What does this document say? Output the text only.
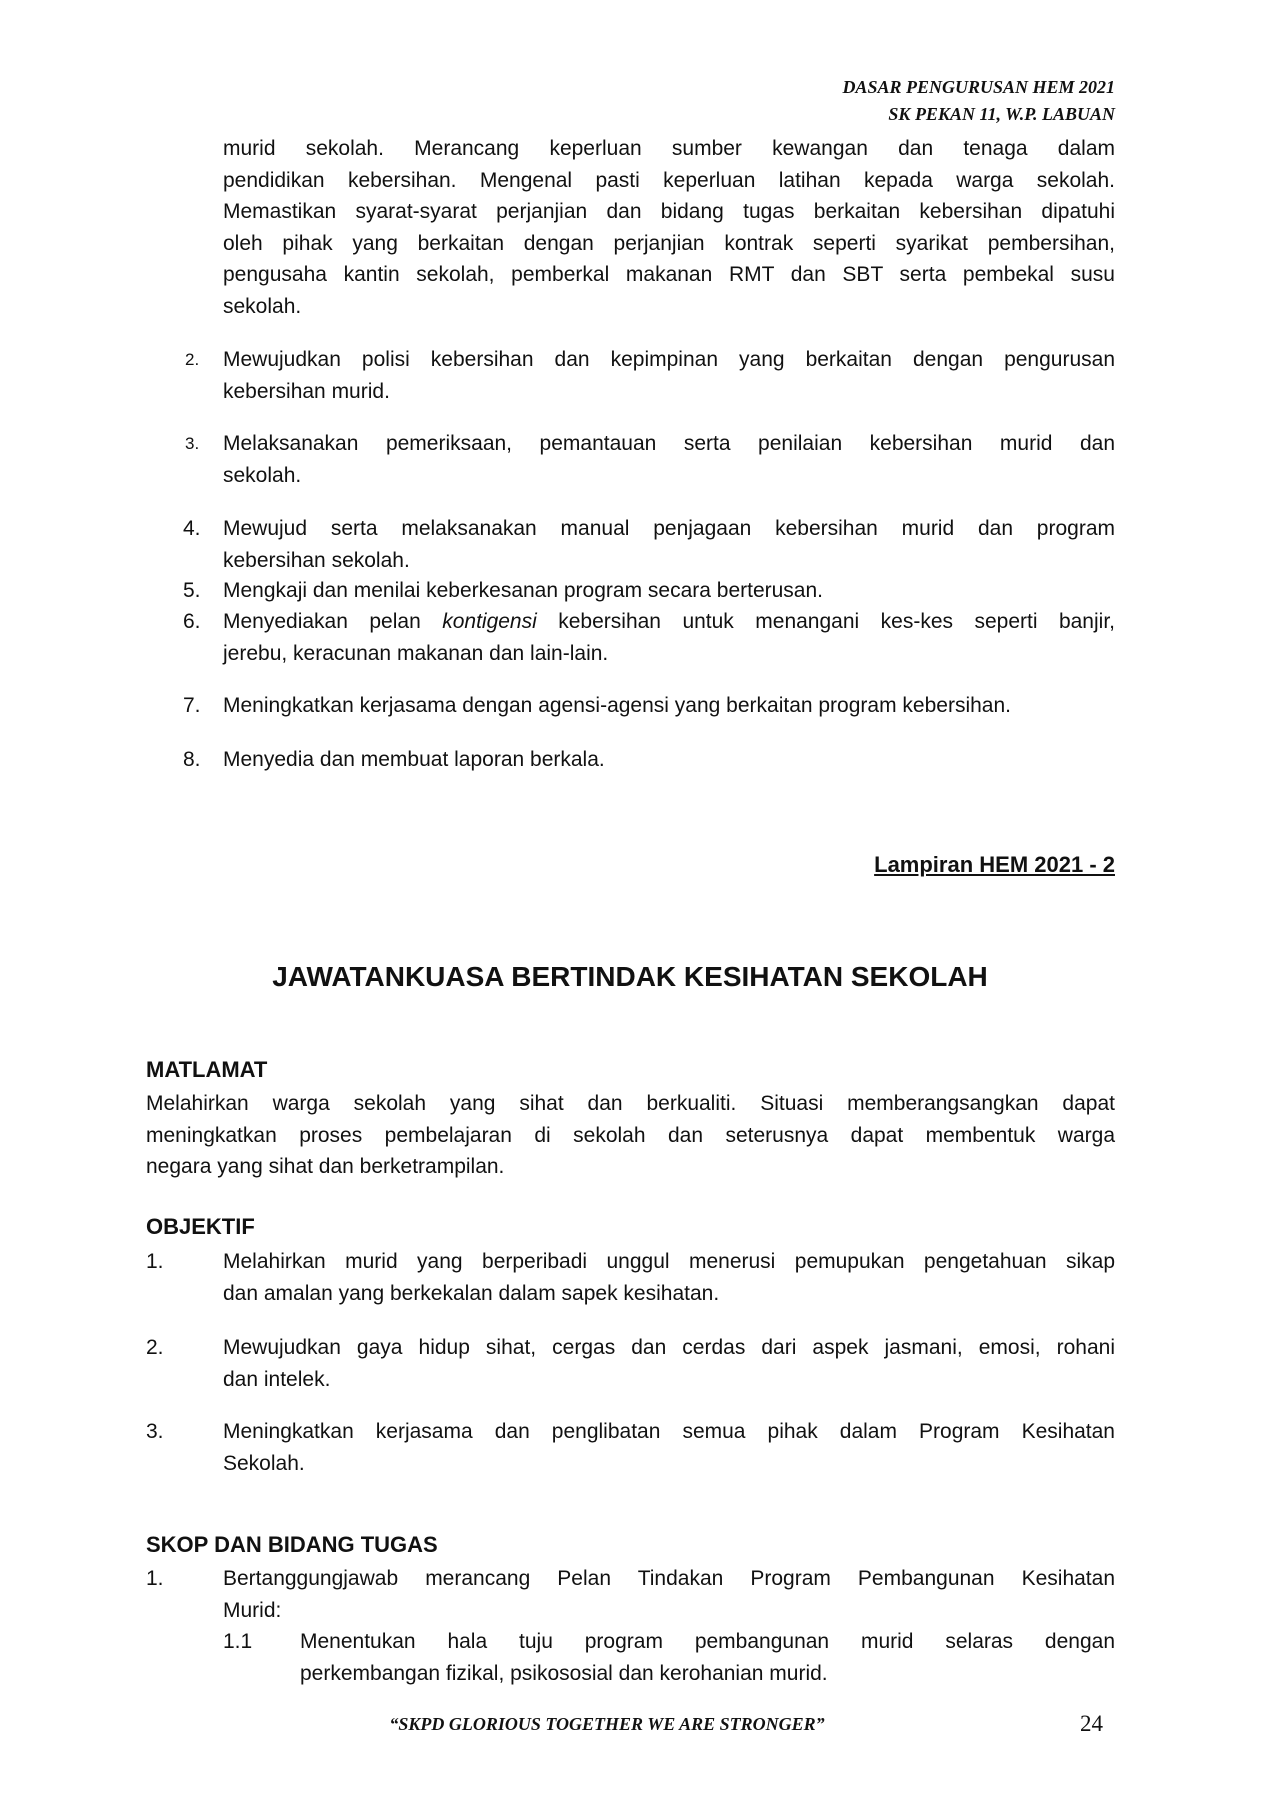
DASAR PENGURUSAN HEM 2021
SK PEKAN 11, W.P. LABUAN
murid sekolah. Merancang keperluan sumber kewangan dan tenaga dalam
pendidikan kebersihan. Mengenal pasti keperluan latihan kepada warga sekolah.
Memastikan syarat-syarat perjanjian dan bidang tugas berkaitan kebersihan dipatuhi
oleh pihak yang berkaitan dengan perjanjian kontrak seperti syarikat pembersihan,
pengusaha kantin sekolah, pemberkal makanan RMT dan SBT serta pembekal susu
sekolah.
2. Mewujudkan polisi kebersihan dan kepimpinan yang berkaitan dengan pengurusan
kebersihan murid.
3. Melaksanakan pemeriksaan, pemantauan serta penilaian kebersihan murid dan
sekolah.
4. Mewujud serta melaksanakan manual penjagaan kebersihan murid dan program
kebersihan sekolah.
5. Mengkaji dan menilai keberkesanan program secara berterusan.
6. Menyediakan pelan kontigensi kebersihan untuk menangani kes-kes seperti banjir,
jerebu, keracunan makanan dan lain-lain.
7. Meningkatkan kerjasama dengan agensi-agensi yang berkaitan program kebersihan.
8. Menyedia dan membuat laporan berkala.
Lampiran HEM 2021 - 2
JAWATANKUASA BERTINDAK KESIHATAN SEKOLAH
MATLAMAT
Melahirkan warga sekolah yang sihat dan berkualiti. Situasi memberangsangkan dapat
meningkatkan proses pembelajaran di sekolah dan seterusnya dapat membentuk warga
negara yang sihat dan berketrampilan.
OBJEKTIF
1.	Melahirkan murid yang berperibadi unggul menerusi pemupukan pengetahuan sikap
dan amalan yang berkekalan dalam sapek kesihatan.
2.	Mewujudkan gaya hidup sihat, cergas dan cerdas dari aspek jasmani, emosi, rohani
dan intelek.
3.	Meningkatkan kerjasama dan penglibatan semua pihak dalam Program Kesihatan
Sekolah.
SKOP DAN BIDANG TUGAS
1.	Bertanggungjawab merancang Pelan Tindakan Program Pembangunan Kesihatan
Murid:
1.1 Menentukan hala tuju program pembangunan murid selaras dengan
perkembangan fizikal, psikososial dan kerohanian murid.
“SKPD GLORIOUS TOGETHER WE ARE STRONGER”	24
